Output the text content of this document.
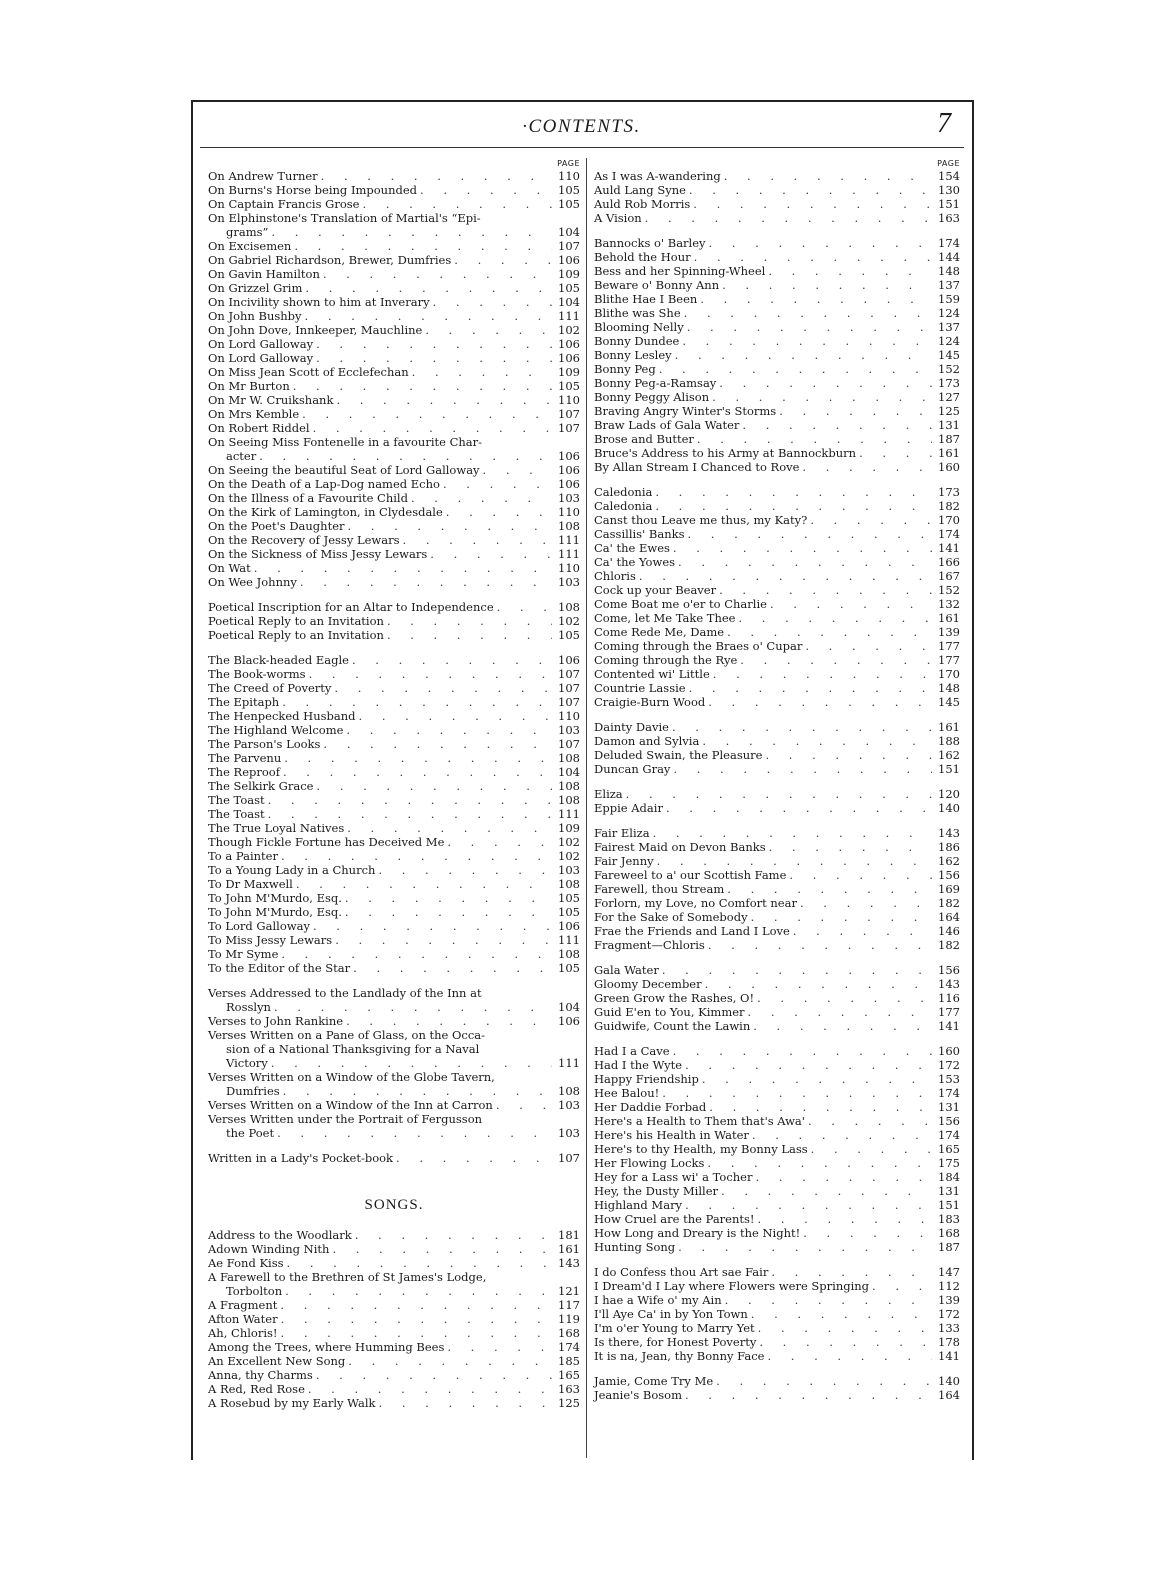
·CONTENTS.	7

PAGE
On Andrew Turner . . .	110
On Burns's Horse being Impounded . . .	105
On Captain Francis Grose . . .	105
On Elphinstone's Translation of Martial's “Epi-
grams” . . .	104
On Excisemen . . .	107
On Gabriel Richardson, Brewer, Dumfries . . .	106
On Gavin Hamilton . . .	109
On Grizzel Grim . . .	105
On Incivility shown to him at Inverary . . .	104
On John Bushby . . .	111
On John Dove, Innkeeper, Mauchline . . .	102
On Lord Galloway . . .	106
On Lord Galloway . . .	106
On Miss Jean Scott of Ecclefechan . . .	109
On Mr Burton . . .	105
On Mr W. Cruikshank . . .	110
On Mrs Kemble . . .	107
On Robert Riddel . . .	107
On Seeing Miss Fontenelle in a favourite Char-
acter . . .	106
On Seeing the beautiful Seat of Lord Galloway . . .	106
On the Death of a Lap-Dog named Echo . . .	106
On the Illness of a Favourite Child . . .	103
On the Kirk of Lamington, in Clydesdale . . .	110
On the Poet's Daughter . . .	108
On the Recovery of Jessy Lewars . . .	111
On the Sickness of Miss Jessy Lewars . . .	111
On Wat . . .	110
On Wee Johnny . . .	103
Poetical Inscription for an Altar to Independence . . .	108
Poetical Reply to an Invitation . . .	102
Poetical Reply to an Invitation . . .	105
The Black-headed Eagle . . .	106
The Book-worms . . .	107
The Creed of Poverty . . .	107
The Epitaph . . .	107
The Henpecked Husband . . .	110
The Highland Welcome . . .	103
The Parson's Looks . . .	107
The Parvenu . . .	108
The Reproof . . .	104
The Selkirk Grace . . .	108
The Toast . . .	108
The Toast . . .	111
The True Loyal Natives . . .	109
Though Fickle Fortune has Deceived Me . . .	102
To a Painter . . .	102
To a Young Lady in a Church . . .	103
To Dr Maxwell . . .	108
To John M'Murdo, Esq. . . .	105
To John M'Murdo, Esq. . . .	105
To Lord Galloway . . .	106
To Miss Jessy Lewars . . .	111
To Mr Syme . . .	108
To the Editor of the Star . . .	105
Verses Addressed to the Landlady of the Inn at
Rosslyn . . .	104
Verses to John Rankine . . .	106
Verses Written on a Pane of Glass, on the Occa-
sion of a National Thanksgiving for a Naval
Victory . . .	111
Verses Written on a Window of the Globe Tavern,
Dumfries . . .	108
Verses Written on a Window of the Inn at Carron . . .	103
Verses Written under the Portrait of Fergusson
the Poet . . .	103
Written in a Lady's Pocket-book . . .	107
SONGS.
Address to the Woodlark . . .	181
Adown Winding Nith . . .	161
Ae Fond Kiss . . .	143
A Farewell to the Brethren of St James's Lodge,
Torbolton . . .	121
A Fragment . . .	117
Afton Water . . .	119
Ah, Chloris! . . .	168
Among the Trees, where Humming Bees . . .	174
An Excellent New Song . . .	185
Anna, thy Charms . . .	165
A Red, Red Rose . . .	163
A Rosebud by my Early Walk . . .	125
PAGE
As I was A-wandering . . .	154
Auld Lang Syne . . .	130
Auld Rob Morris . . .	151
A Vision . . .	163
Bannocks o' Barley . . .	174
Behold the Hour . . .	144
Bess and her Spinning-Wheel . . .	148
Beware o' Bonny Ann . . .	137
Blithe Hae I Been . . .	159
Blithe was She . . .	124
Blooming Nelly . . .	137
Bonny Dundee . . .	124
Bonny Lesley . . .	145
Bonny Peg . . .	152
Bonny Peg-a-Ramsay . . .	173
Bonny Peggy Alison . . .	127
Braving Angry Winter's Storms . . .	125
Braw Lads of Gala Water . . .	131
Brose and Butter . . .	187
Bruce's Address to his Army at Bannockburn . . .	161
By Allan Stream I Chanced to Rove . . .	160
Caledonia . . .	173
Caledonia . . .	182
Canst thou Leave me thus, my Katy? . . .	170
Cassillis' Banks . . .	174
Ca' the Ewes . . .	141
Ca' the Yowes . . .	166
Chloris . . .	167
Cock up your Beaver . . .	152
Come Boat me o'er to Charlie . . .	132
Come, let Me Take Thee . . .	161
Come Rede Me, Dame . . .	139
Coming through the Braes o' Cupar . . .	177
Coming through the Rye . . .	177
Contented wi' Little . . .	170
Countrie Lassie . . .	148
Craigie-Burn Wood . . .	145
Dainty Davie . . .	161
Damon and Sylvia . . .	188
Deluded Swain, the Pleasure . . .	162
Duncan Gray . . .	151
Eliza . . .	120
Eppie Adair . . .	140
Fair Eliza . . .	143
Fairest Maid on Devon Banks . . .	186
Fair Jenny . . .	162
Fareweel to a' our Scottish Fame . . .	156
Farewell, thou Stream . . .	169
Forlorn, my Love, no Comfort near . . .	182
For the Sake of Somebody . . .	164
Frae the Friends and Land I Love . . .	146
Fragment—Chloris . . .	182
Gala Water . . .	156
Gloomy December . . .	143
Green Grow the Rashes, O! . . .	116
Guid E'en to You, Kimmer . . .	177
Guidwife, Count the Lawin . . .	141
Had I a Cave . . .	160
Had I the Wyte . . .	172
Happy Friendship . . .	153
Hee Balou! . . .	174
Her Daddie Forbad . . .	131
Here's a Health to Them that's Awa' . . .	156
Here's his Health in Water . . .	174
Here's to thy Health, my Bonny Lass . . .	165
Her Flowing Locks . . .	175
Hey for a Lass wi' a Tocher . . .	184
Hey, the Dusty Miller . . .	131
Highland Mary . . .	151
How Cruel are the Parents! . . .	183
How Long and Dreary is the Night! . . .	168
Hunting Song . . .	187
I do Confess thou Art sae Fair . . .	147
I Dream'd I Lay where Flowers were Springing . . .	112
I hae a Wife o' my Ain . . .	139
I'll Aye Ca' in by Yon Town . . .	172
I'm o'er Young to Marry Yet . . .	133
Is there, for Honest Poverty . . .	178
It is na, Jean, thy Bonny Face . . .	141
Jamie, Come Try Me . . .	140
Jeanie's Bosom . . .	164
